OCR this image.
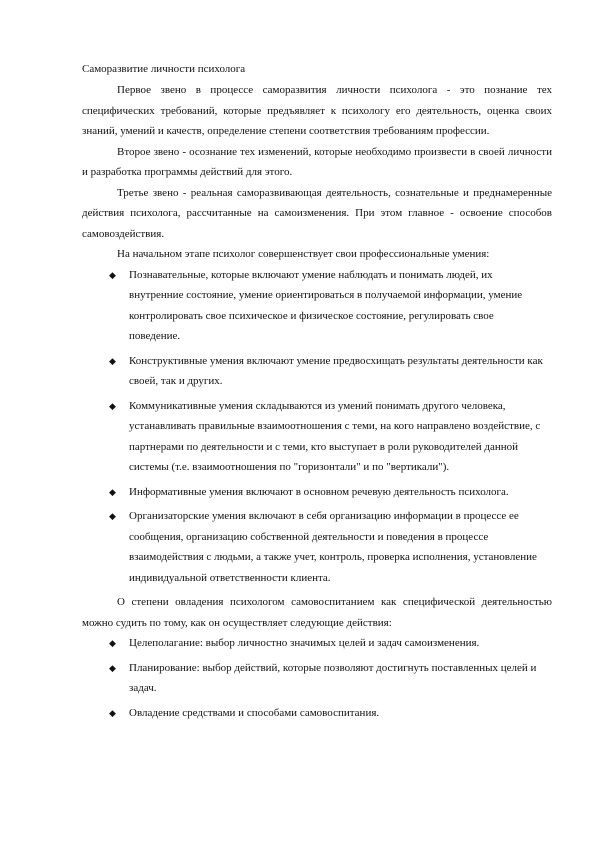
Саморазвитие личности психолога

Первое звено в процессе саморазвития личности психолога - это познание тех специфических требований, которые предъявляет к психологу его деятельность, оценка своих знаний, умений и качеств, определение степени соответствия требованиям профессии.

Второе звено - осознание тех изменений, которые необходимо произвести в своей личности и разработка программы действий для этого.

Третье звено - реальная саморазвивающая деятельность, сознательные и преднамеренные действия психолога, рассчитанные на самоизменения. При этом главное - освоение способов самовоздействия.

На начальном этапе психолог совершенствует свои профессиональные умения:

◆ Познавательные, которые включают умение наблюдать и понимать людей, их внутренние состояние, умение ориентироваться в получаемой информации, умение контролировать свое психическое и физическое состояние, регулировать свое поведение.
◆ Конструктивные умения включают умение предвосхищать результаты деятельности как своей, так и других.
◆ Коммуникативные умения складываются из умений понимать другого человека, устанавливать правильные взаимоотношения с теми, на кого направлено воздействие, с партнерами по деятельности и с теми, кто выступает в роли руководителей данной системы (т.е. взаимоотношения по "горизонтали" и по "вертикали").
◆ Информативные умения включают в основном речевую деятельность психолога.
◆ Организаторские умения включают в себя организацию информации в процессе ее сообщения, организацию собственной деятельности и поведения в процессе взаимодействия с людьми, а также учет, контроль, проверка исполнения, установление индивидуальной ответственности клиента.

О степени овладения психологом самовоспитанием как специфической деятельностью можно судить по тому, как он осуществляет следующие действия:

◆ Целеполагание: выбор личностно значимых целей и задач самоизменения.
◆ Планирование: выбор действий, которые позволяют достигнуть поставленных целей и задач.
◆ Овладение средствами и способами самовоспитания.
